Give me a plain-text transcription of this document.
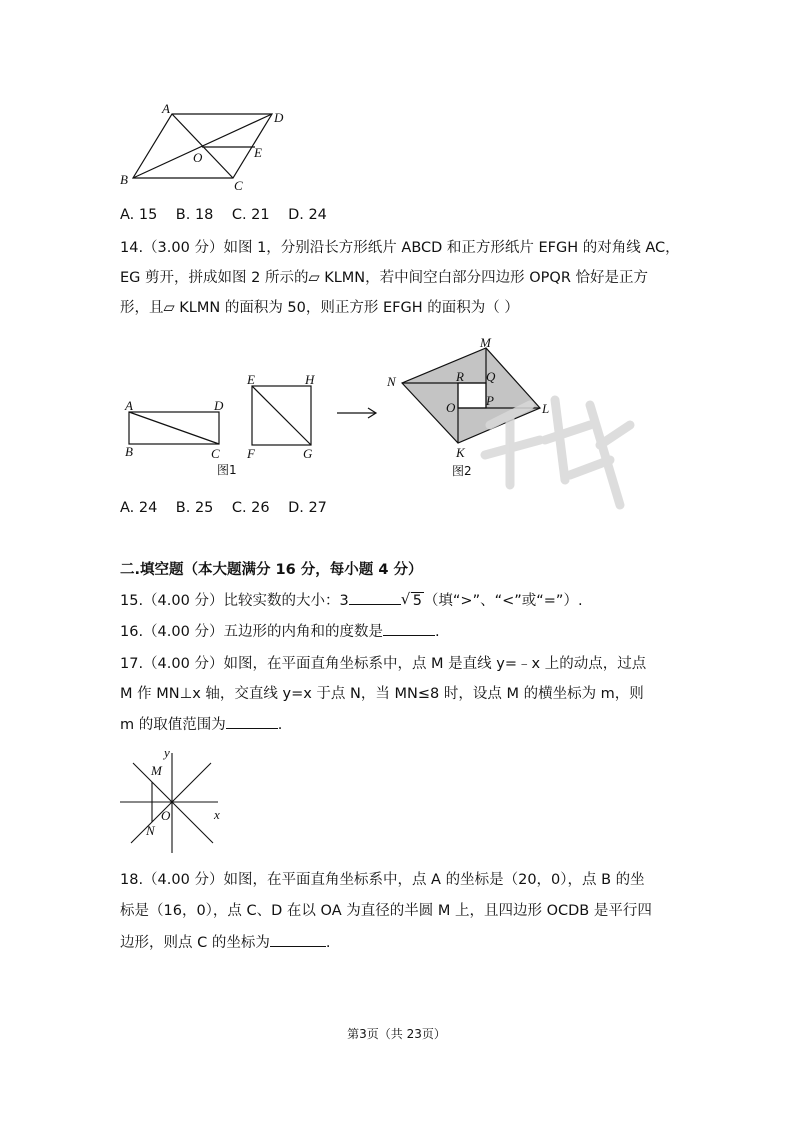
A
D
B	C
O	E
A. 15 B. 18 C. 21 D. 24
14.（3.00 分）如图 1，分别沿长方形纸片 ABCD 和正方形纸片 EFGH 的对角线 AC，
EG 剪开，拼成如图 2 所示的▱ KLMN，若中间空白部分四边形 OPQR 恰好是正方
形，且▱ KLMN 的面积为 50，则正方形 EFGH 的面积为（ ）
A	D
B	C
E	H
F	G
图1
M
N	R Q
O P
L
K
图2
A. 24 B. 25 C. 26 D. 27
二.填空题（本大题满分 16 分，每小题 4 分）
15.（4.00 分）比较实数的大小：3	√ 5 （填“>”、“<”或“=”）.
16.（4.00 分）五边形的内角和的度数是	.
17.（4.00 分）如图，在平面直角坐标系中，点 M 是直线 y=﹣x 上的动点，过点
M 作 MN⊥x 轴，交直线 y=x 于点 N，当 MN≤8 时，设点 M 的横坐标为 m，则
m 的取值范围为	.
y
M
O	x
N
18.（4.00 分）如图，在平面直角坐标系中，点 A 的坐标是（20，0），点 B 的坐
标是（16，0），点 C、D 在以 OA 为直径的半圆 M 上，且四边形 OCDB 是平行四
边形，则点 C 的坐标为	.
第3页（共 23页）
